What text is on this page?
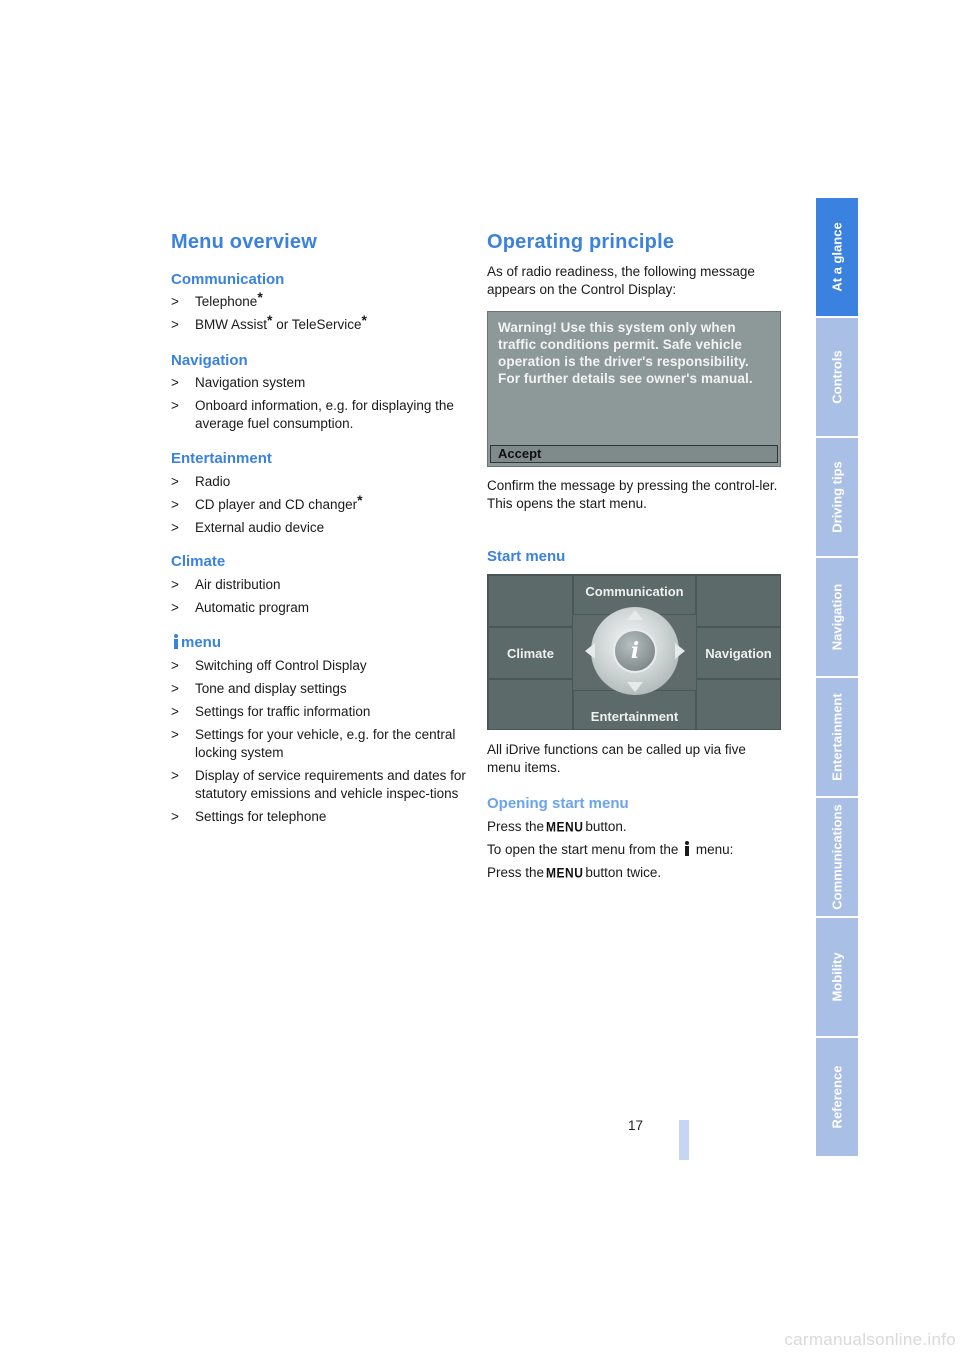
Menu overview
Communication
> Telephone*
> BMW Assist* or TeleService*
Navigation
> Navigation system
> Onboard information, e.g. for displaying the average fuel consumption.
Entertainment
> Radio
> CD player and CD changer*
> External audio device
Climate
> Air distribution
> Automatic program
menu
> Switching off Control Display
> Tone and display settings
> Settings for traffic information
> Settings for your vehicle, e.g. for the central locking system
> Display of service requirements and dates for statutory emissions and vehicle inspec-tions
> Settings for telephone
Operating principle

As of radio readiness, the following message appears on the Control Display:

Warning! Use this system only when
traffic conditions permit. Safe vehicle
operation is the driver's responsibility.
For further details see owner's manual.
Accept
Confirm the message by pressing the control-ler.
This opens the start menu.
Start menu
i
Communication
Entertainment
Climate	Navigation

All iDrive functions can be called up via five menu items.

Opening start menu

Press the MENU button.

To open the start menu from the menu:

Press the MENU button twice.

At a glance
Controls
Driving tips
Navigation
Entertainment
Communications
Mobility
Reference
17
carmanualsonline.info
